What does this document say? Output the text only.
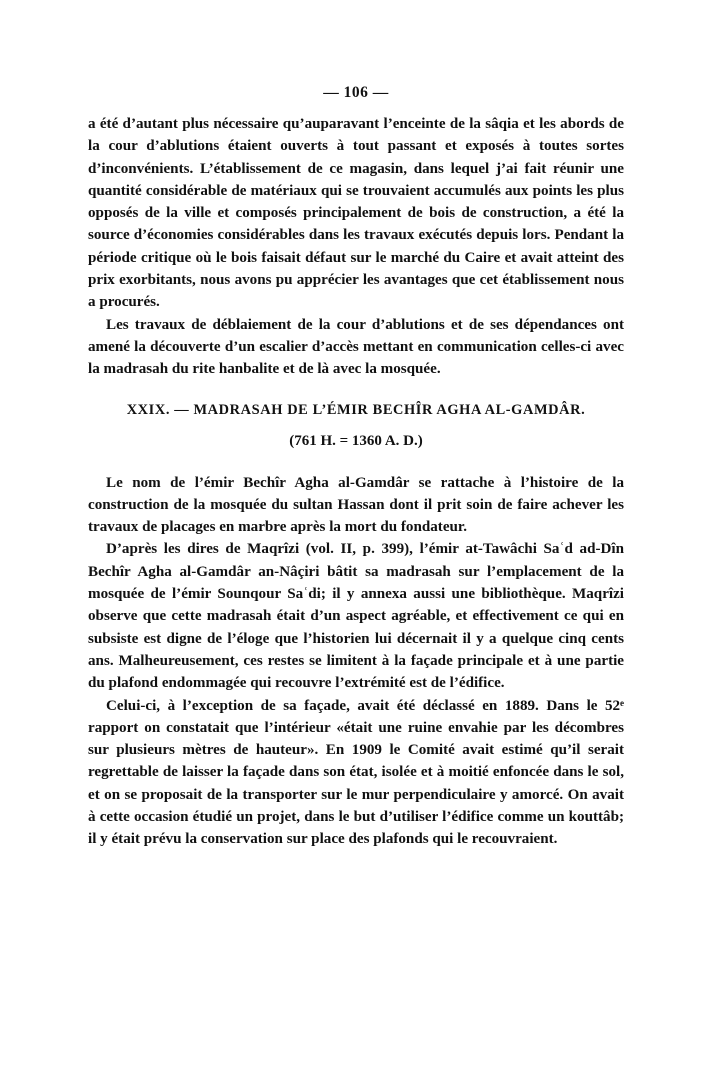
— 106 —

a été d’autant plus nécessaire qu’auparavant l’enceinte de la sâqia et les abords de la cour d’ablutions étaient ouverts à tout passant et exposés à toutes sortes d’inconvénients. L’établissement de ce magasin, dans lequel j’ai fait réunir une quantité considérable de matériaux qui se trouvaient accumulés aux points les plus opposés de la ville et composés principalement de bois de construction, a été la source d’économies considérables dans les travaux exécutés depuis lors. Pendant la période critique où le bois faisait défaut sur le marché du Caire et avait atteint des prix exorbitants, nous avons pu apprécier les avantages que cet établissement nous a procurés.

Les travaux de déblaiement de la cour d’ablutions et de ses dépendances ont amené la découverte d’un escalier d’accès mettant en communication celles-ci avec la madrasah du rite hanbalite et de là avec la mosquée.

XXIX. — MADRASAH DE L’ÉMIR BECHÎR AGHA AL-GAMDÂR.
(761 H. = 1360 A. D.)

Le nom de l’émir Bechîr Agha al-Gamdâr se rattache à l’histoire de la construction de la mosquée du sultan Hassan dont il prit soin de faire achever les travaux de placages en marbre après la mort du fondateur.

D’après les dires de Maqrîzi (vol. II, p. 399), l’émir at-Tawâchi Saʿd ad-Dîn Bechîr Agha al-Gamdâr an-Nâçiri bâtit sa madrasah sur l’emplacement de la mosquée de l’émir Sounqour Saʿdi; il y annexa aussi une bibliothèque. Maqrîzi observe que cette madrasah était d’un aspect agréable, et effectivement ce qui en subsiste est digne de l’éloge que l’historien lui décernait il y a quelque cinq cents ans. Malheureusement, ces restes se limitent à la façade principale et à une partie du plafond endommagée qui recouvre l’extrémité est de l’édifice.

Celui-ci, à l’exception de sa façade, avait été déclassé en 1889. Dans le 52ᵉ rapport on constatait que l’intérieur «était une ruine envahie par les décombres sur plusieurs mètres de hauteur». En 1909 le Comité avait estimé qu’il serait regrettable de laisser la façade dans son état, isolée et à moitié enfoncée dans le sol, et on se proposait de la transporter sur le mur perpendiculaire y amorcé. On avait à cette occasion étudié un projet, dans le but d’utiliser l’édifice comme un kouttâb; il y était prévu la conservation sur place des plafonds qui le recouvraient.
